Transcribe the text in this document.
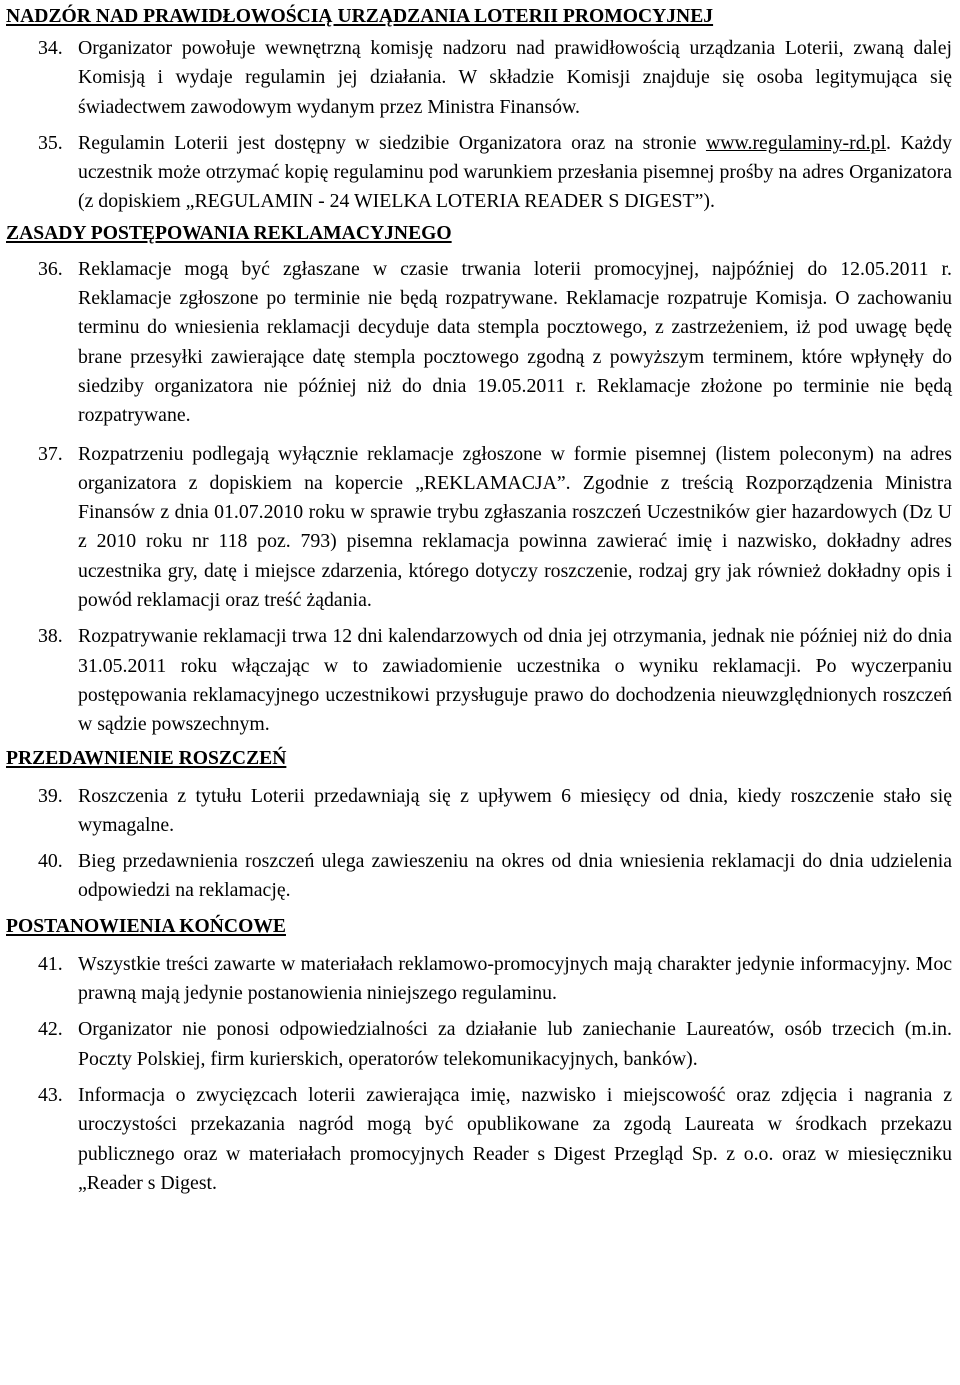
NADZÓR NAD PRAWIDŁOWOŚCIĄ URZĄDZANIA LOTERII PROMOCYJNEJ
34. Organizator powołuje wewnętrzną komisję nadzoru nad prawidłowością urządzania Loterii, zwaną dalej Komisją i wydaje regulamin jej działania. W składzie Komisji znajduje się osoba legitymująca się świadectwem zawodowym wydanym przez Ministra Finansów.
35. Regulamin Loterii jest dostępny w siedzibie Organizatora oraz na stronie www.regulaminy-rd.pl. Każdy uczestnik może otrzymać kopię regulaminu pod warunkiem przesłania pisemnej prośby na adres Organizatora (z dopiskiem „REGULAMIN - 24 WIELKA LOTERIA READER S DIGEST”).
ZASADY POSTĘPOWANIA REKLAMACYJNEGO
36. Reklamacje mogą być zgłaszane w czasie trwania loterii promocyjnej, najpóźniej do 12.05.2011 r. Reklamacje zgłoszone po terminie nie będą rozpatrywane. Reklamacje rozpatruje Komisja. O zachowaniu terminu do wniesienia reklamacji decyduje data stempla pocztowego, z zastrzeżeniem, iż pod uwagę będę brane przesyłki zawierające datę stempla pocztowego zgodną z powyższym terminem, które wpłynęły do siedziby organizatora nie później niż do dnia 19.05.2011 r. Reklamacje złożone po terminie nie będą rozpatrywane.
37. Rozpatrzeniu podlegają wyłącznie reklamacje zgłoszone w formie pisemnej (listem poleconym) na adres organizatora z dopiskiem na kopercie „REKLAMACJA”. Zgodnie z treścią Rozporządzenia Ministra Finansów z dnia 01.07.2010 roku w sprawie trybu zgłaszania roszczeń Uczestników gier hazardowych (Dz U z 2010 roku nr 118 poz. 793) pisemna reklamacja powinna zawierać imię i nazwisko, dokładny adres uczestnika gry, datę i miejsce zdarzenia, którego dotyczy roszczenie, rodzaj gry jak również dokładny opis i powód reklamacji oraz treść żądania.
38. Rozpatrywanie reklamacji trwa 12 dni kalendarzowych od dnia jej otrzymania, jednak nie później niż do dnia 31.05.2011 roku włączając w to zawiadomienie uczestnika o wyniku reklamacji. Po wyczerpaniu postępowania reklamacyjnego uczestnikowi przysługuje prawo do dochodzenia nieuwzględnionych roszczeń w sądzie powszechnym.
PRZEDAWNIENIE ROSZCZEŃ
39. Roszczenia z tytułu Loterii przedawniają się z upływem 6 miesięcy od dnia, kiedy roszczenie stało się wymagalne.
40. Bieg przedawnienia roszczeń ulega zawieszeniu na okres od dnia wniesienia reklamacji do dnia udzielenia odpowiedzi na reklamację.
POSTANOWIENIA KOŃCOWE
41. Wszystkie treści zawarte w materiałach reklamowo-promocyjnych mają charakter jedynie informacyjny. Moc prawną mają jedynie postanowienia niniejszego regulaminu.
42. Organizator nie ponosi odpowiedzialności za działanie lub zaniechanie Laureatów, osób trzecich (m.in. Poczty Polskiej, firm kurierskich, operatorów telekomunikacyjnych, banków).
43. Informacja o zwycięzcach loterii zawierająca imię, nazwisko i miejscowość oraz zdjęcia i nagrania z uroczystości przekazania nagród mogą być opublikowane za zgodą Laureata w środkach przekazu publicznego oraz w materiałach promocyjnych Reader s Digest Przegląd Sp. z o.o. oraz w miesięczniku „Reader s Digest.
